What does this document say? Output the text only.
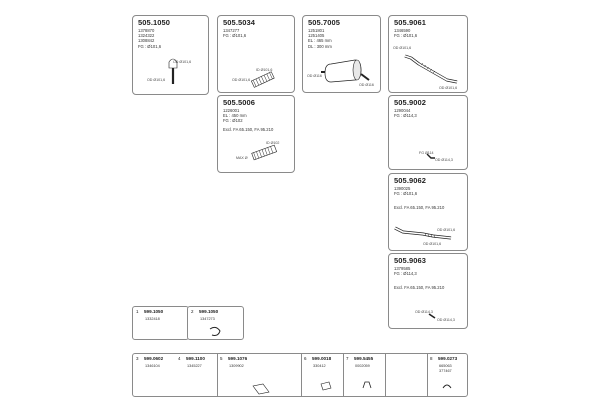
505.1050
1378870
1324322
1308842
FG : Ø101,6
OD Ø101,6
OD Ø101,6
505.5034
1347277
FG : Ø101,6
ID Ø101,6
OD Ø101,6
505.7005
1251801
1251405
EL : 465 mm
DL : 300 mm
OD Ø116
OD Ø116
505.9061
1346590
FG : Ø101,6
OD Ø101,6
OD Ø101,6
505.5006
1226001
EL : 450 mm
FG : Ø102
Excl. FA 65.150, FA 95.210
ID Ø102
MAX Ø
505.9002
1290044
FG : Ø114,3
FG Ø114
OD Ø114,3
505.9062
1390025
FG : Ø101,6
Excl. FA 65.150, FA 95.210
OD Ø101,6
OD Ø101,6
505.9063
1379585
FG : Ø114,3
Excl. FA 65.150, FA 95.210
OD Ø114,3
OD Ø114,3
1 599.1050
1332418
2 599.1050
1347273
3 599.0602
1346104
4 599.1100
1345227
5 599.1076
1309902
6 599.0018
330412
7 599.5455
0002059
8 599.0273
665063
377467
